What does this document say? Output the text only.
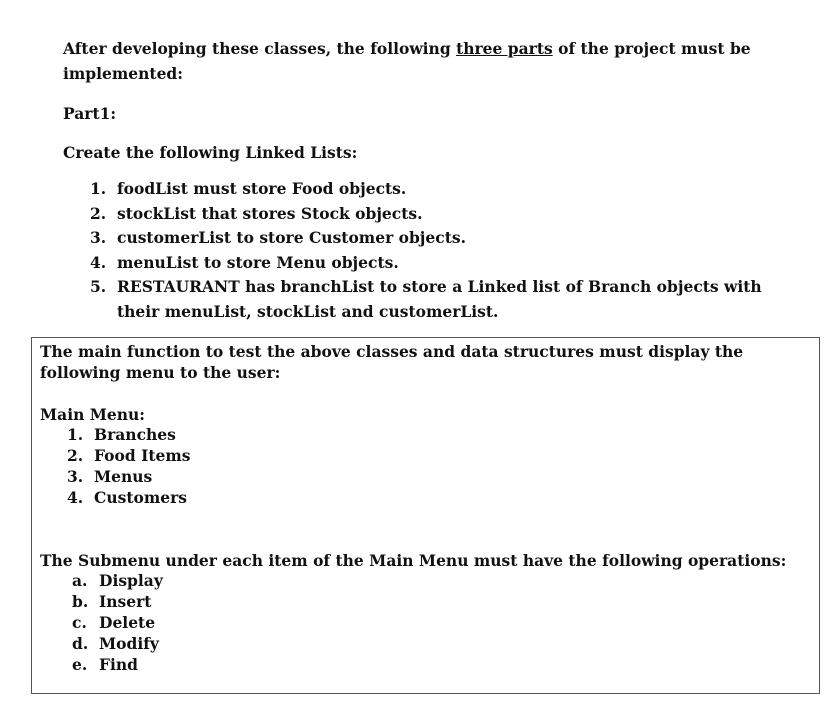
After developing these classes, the following three parts of the project must be implemented:
Part1:
Create the following Linked Lists:
1. foodList must store Food objects.
2. stockList that stores Stock objects.
3. customerList to store Customer objects.
4. menuList to store Menu objects.
5. RESTAURANT has branchList to store a Linked list of Branch objects with their menuList, stockList and customerList.
The main function to test the above classes and data structures must display the following menu to the user:
Main Menu:
1. Branches
2. Food Items
3. Menus
4. Customers
The Submenu under each item of the Main Menu must have the following operations:
a. Display
b. Insert
c. Delete
d. Modify
e. Find
